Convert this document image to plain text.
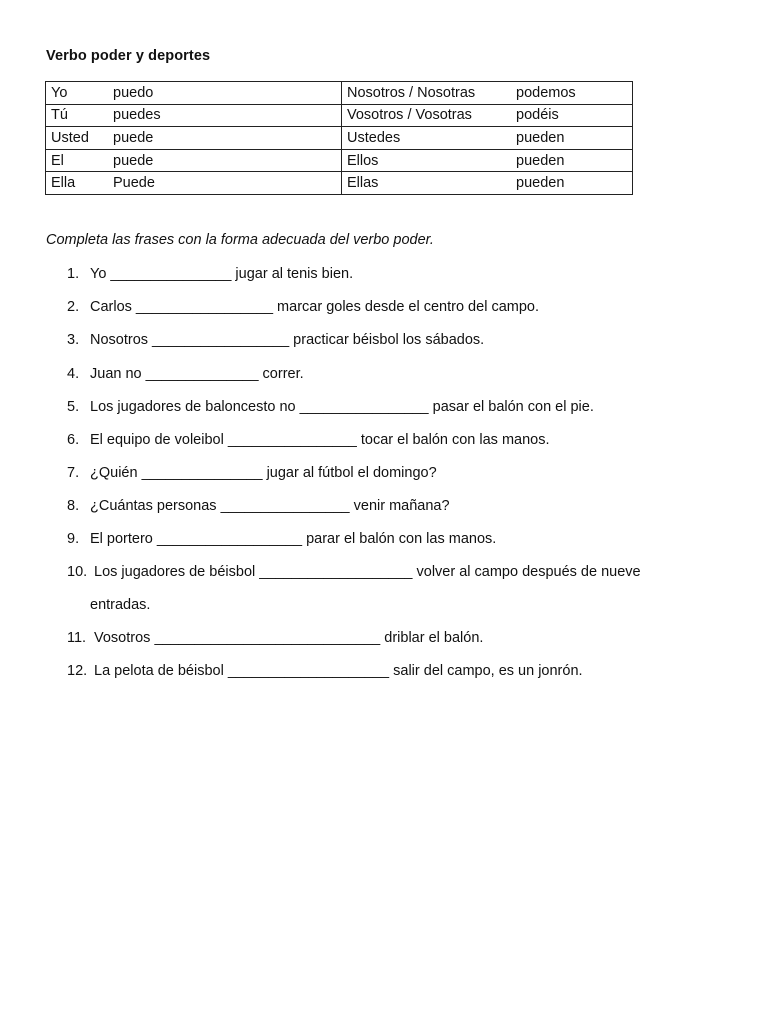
Verbo poder y deportes
Yo puedo	Nosotros / Nosotras podemos
Tú puedes	Vosotros / Vosotras podéis
Usted puede	Ustedes pueden
El puede	Ellos pueden
Ella Puede	Ellas pueden
Completa las frases con la forma adecuada del verbo poder.
1. Yo _______________ jugar al tenis bien.
2. Carlos _________________ marcar goles desde el centro del campo.
3. Nosotros _________________ practicar béisbol los sábados.
4. Juan no ______________ correr.
5. Los jugadores de baloncesto no ________________ pasar el balón con el pie.
6. El equipo de voleibol ________________ tocar el balón con las manos.
7. ¿Quién _______________ jugar al fútbol el domingo?
8. ¿Cuántas personas ________________ venir mañana?
9. El portero __________________ parar el balón con las manos.
10. Los jugadores de béisbol ___________________ volver al campo después de nueve
entradas.
11. Vosotros ____________________________ driblar el balón.
12. La pelota de béisbol ____________________ salir del campo, es un jonrón.
